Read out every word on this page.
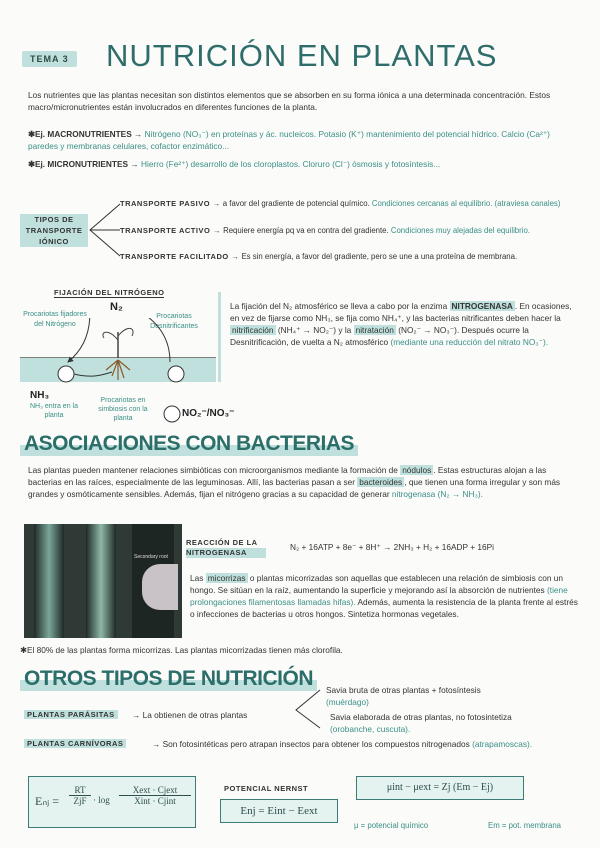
TEMA 3 NUTRICIÓN EN PLANTAS
Los nutrientes que las plantas necesitan son distintos elementos que se absorben en su forma iónica a una determinada concentración. Estos macro/micronutrientes están involucrados en diferentes funciones de la planta.
✱Ej. MACRONUTRIENTES → Nitrógeno (NO₃⁻) en proteínas y ác. nucleicos. Potasio (K⁺) mantenimiento del potencial hídrico. Calcio (Ca²⁺) paredes y membranas celulares, cofactor enzimático...
✱Ej. MICRONUTRIENTES → Hierro (Fe²⁺) desarrollo de los cloroplastos. Cloruro (Cl⁻) ósmosis y fotosíntesis...
TIPOS DE TRANSPORTE IÓNICO
TRANSPORTE PASIVO → a favor del gradiente de potencial químico. Condiciones cercanas al equilibrio. (atraviesa canales)
TRANSPORTE ACTIVO → Requiere energía pq va en contra del gradiente. Condiciones muy alejadas del equilibrio.
TRANSPORTE FACILITADO → Es sin energía, a favor del gradiente, pero se une a una proteína de membrana.
FIJACIÓN DEL NITRÓGENO
N₂
Procariotas fijadores del Nitrógeno
Procariotas Desnitrificantes
NH₃
NH₃ entra en la planta
Procariotas en simbiosis con la planta	NO₂⁻/NO₃⁻
La fijación del N₂ atmosférico se lleva a cabo por la enzima NITROGENASA . En ocasiones, en vez de fijarse como NH₃, se fija como NH₄⁺, y las bacterias nitrificantes deben hacer la nitrificación (NH₄⁺ → NO₂⁻) y la nitratación (NO₂⁻ → NO₃⁻). Después ocurre la Desnitrificación, de vuelta a N₂ atmosférico (mediante una reducción del nitrato NO₃⁻).
ASOCIACIONES CON BACTERIAS
Las plantas pueden mantener relaciones simbióticas con microorganismos mediante la formación de nódulos . Estas estructuras alojan a las bacterias en las raíces, especialmente de las leguminosas. Allí, las bacterias pasan a ser bacteroides , que tienen una forma irregular y son más grandes y osmóticamente sensibles. Además, fijan el nitrógeno gracias a su capacidad de generar nitrogenasa (N₂ → NH₃).
Secondary root
REACCIÓN DE LA NITROGENASA
N₂ + 16ATP + 8e⁻ + 8H⁺ → 2NH₃ + H₂ + 16ADP + 16Pi
Las micorrizas o plantas micorrizadas son aquellas que establecen una relación de simbiosis con un hongo. Se sitúan en la raíz, aumentando la superficie y mejorando así la absorción de nutrientes (tiene prolongaciones filamentosas llamadas hifas). Además, aumenta la resistencia de la planta frente al estrés o infecciones de bacterias u otros hongos. Sintetiza hormonas vegetales.
✱El 80% de las plantas forma micorrizas. Las plantas micorrizadas tienen más clorofila.
OTROS TIPOS DE NUTRICIÓN
PLANTAS PARÁSITAS	→ La obtienen de otras plantas
Savia bruta de otras plantas + fotosíntesis
(muérdago)
Savia elaborada de otras plantas, no fotosintetiza
(orobanche, cuscuta).
PLANTAS CARNÍVORAS	→ Son fotosintéticas pero atrapan insectos para obtener los compuestos nitrogenados (atrapamoscas).
Eₙⱼ =
RT
ZjF · log
Xext · Cjext
Xint · Cjint
POTENCIAL NERNST
Enj = Eint − Eext
μint − μext = Zj (Em − Ej)
μ = potencial químico	Em = pot. membrana
